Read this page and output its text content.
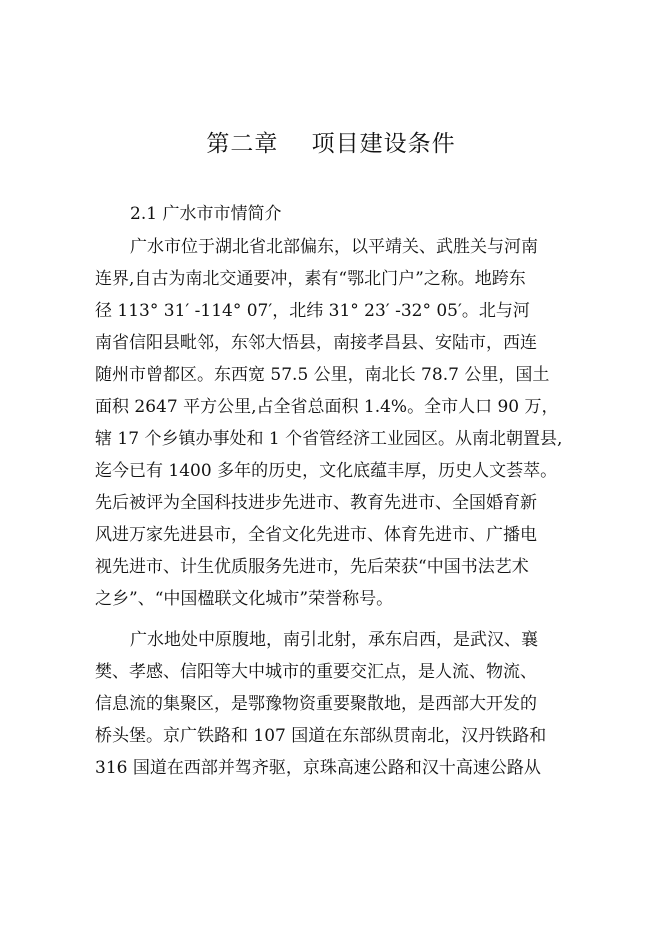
第二章    项目建设条件
2.1 广水市市情简介

广水市位于湖北省北部偏东，以平靖关、武胜关与河南

连界,自古为南北交通要冲，素有“鄂北门户”之称。地跨东

径 113° 31′ -114° 07′，北纬 31° 23′ -32° 05′。北与河

南省信阳县毗邻，东邻大悟县，南接孝昌县、安陆市，西连

随州市曾都区。东西宽 57.5 公里，南北长 78.7 公里，国土

面积 2647 平方公里,占全省总面积 1.4%。全市人口 90 万，

辖 17 个乡镇办事处和 1 个省管经济工业园区。从南北朝置县,

迄今已有 1400 多年的历史，文化底蕴丰厚，历史人文荟萃。

先后被评为全国科技进步先进市、教育先进市、全国婚育新

风进万家先进县市，全省文化先进市、体育先进市、广播电

视先进市、计生优质服务先进市，先后荣获“中国书法艺术

之乡”、“中国楹联文化城市”荣誉称号。

广水地处中原腹地，南引北射，承东启西，是武汉、襄

樊、孝感、信阳等大中城市的重要交汇点，是人流、物流、

信息流的集聚区，是鄂豫物资重要聚散地，是西部大开发的

桥头堡。京广铁路和 107 国道在东部纵贯南北，汉丹铁路和

316 国道在西部并驾齐驱，京珠高速公路和汉十高速公路从
